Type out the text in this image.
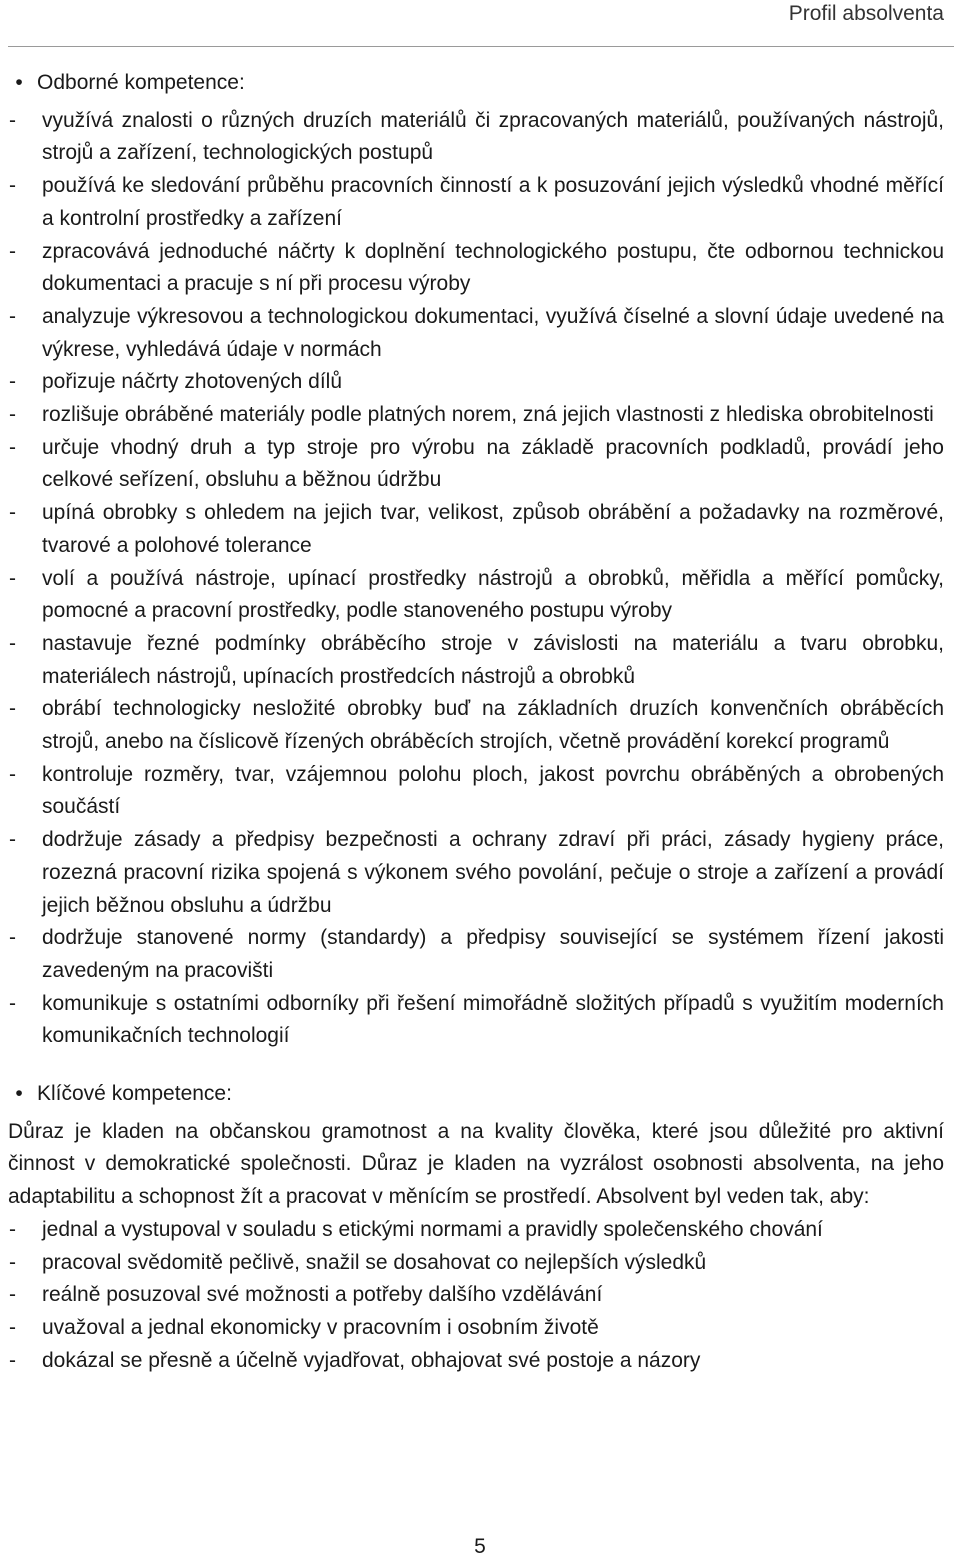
Profil absolventa
• Odborné kompetence:
- využívá znalosti o různých druzích materiálů či zpracovaných materiálů, používaných nástrojů, strojů a zařízení, technologických postupů
- používá ke sledování průběhu pracovních činností a k posuzování jejich výsledků vhodné měřící a kontrolní prostředky a zařízení
- zpracovává jednoduché náčrty k doplnění technologického postupu, čte odbornou technickou dokumentaci a pracuje s ní při procesu výroby
- analyzuje výkresovou a technologickou dokumentaci, využívá číselné a slovní údaje uvedené na výkrese, vyhledává údaje v normách
- pořizuje náčrty zhotovených dílů
- rozlišuje obráběné materiály podle platných norem, zná jejich vlastnosti z hlediska obrobitelnosti
- určuje vhodný druh a typ stroje pro výrobu na základě pracovních podkladů, provádí jeho celkové seřízení, obsluhu a běžnou údržbu
- upíná obrobky s ohledem na jejich tvar, velikost, způsob obrábění a požadavky na rozměrové, tvarové a polohové tolerance
- volí a používá nástroje, upínací prostředky nástrojů a obrobků, měřidla a měřící pomůcky, pomocné a pracovní prostředky, podle stanoveného postupu výroby
- nastavuje řezné podmínky obráběcího stroje v závislosti na materiálu a tvaru obrobku, materiálech nástrojů, upínacích prostředcích nástrojů a obrobků
- obrábí technologicky nesložité obrobky buď na základních druzích konvenčních obráběcích strojů, anebo na číslicově řízených obráběcích strojích, včetně provádění korekcí programů
- kontroluje rozměry, tvar, vzájemnou polohu ploch, jakost povrchu obráběných a obrobených součástí
- dodržuje zásady a předpisy bezpečnosti a ochrany zdraví při práci, zásady hygieny práce, rozezná pracovní rizika spojená s výkonem svého povolání, pečuje o stroje a zařízení a provádí jejich běžnou obsluhu a údržbu
- dodržuje stanovené normy (standardy) a předpisy související se systémem řízení jakosti zavedeným na pracovišti
- komunikuje s ostatními odborníky při řešení mimořádně složitých případů s využitím moderních komunikačních technologií
• Klíčové kompetence:
Důraz je kladen na občanskou gramotnost a na kvality člověka, které jsou důležité pro aktivní činnost v demokratické společnosti. Důraz je kladen na vyzrálost osobnosti absolventa, na jeho adaptabilitu a schopnost žít a pracovat v měnícím se prostředí. Absolvent byl veden tak, aby:
- jednal a vystupoval v souladu s etickými normami a pravidly společenského chování
- pracoval svědomitě pečlivě, snažil se dosahovat co nejlepších výsledků
- reálně posuzoval své možnosti a potřeby dalšího vzdělávání
- uvažoval a jednal ekonomicky v pracovním i osobním životě
- dokázal se přesně a účelně vyjadřovat, obhajovat své postoje a názory
5
